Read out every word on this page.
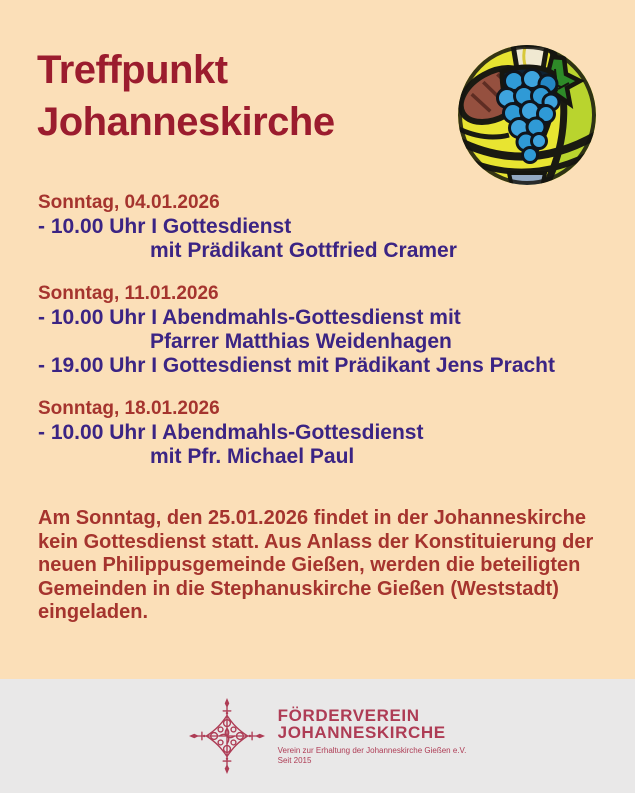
Treffpunkt
Johanneskirche
Sonntag, 04.01.2026
- 10.00 Uhr I Gottesdienst
mit Prädikant Gottfried Cramer
Sonntag, 11.01.2026
- 10.00 Uhr I Abendmahls-Gottesdienst mit
Pfarrer Matthias Weidenhagen
- 19.00 Uhr I Gottesdienst mit Prädikant Jens Pracht
Sonntag, 18.01.2026
- 10.00 Uhr I Abendmahls-Gottesdienst
mit Pfr. Michael Paul
Am Sonntag, den 25.01.2026 findet in der Johanneskirche
kein Gottesdienst statt. Aus Anlass der Konstituierung der
neuen Philippusgemeinde Gießen, werden die beteiligten
Gemeinden in die Stephanuskirche Gießen (Weststadt)
eingeladen.
FÖRDERVEREIN
JOHANNESKIRCHE
Verein zur Erhaltung der Johanneskirche Gießen e.V.
Seit 2015
